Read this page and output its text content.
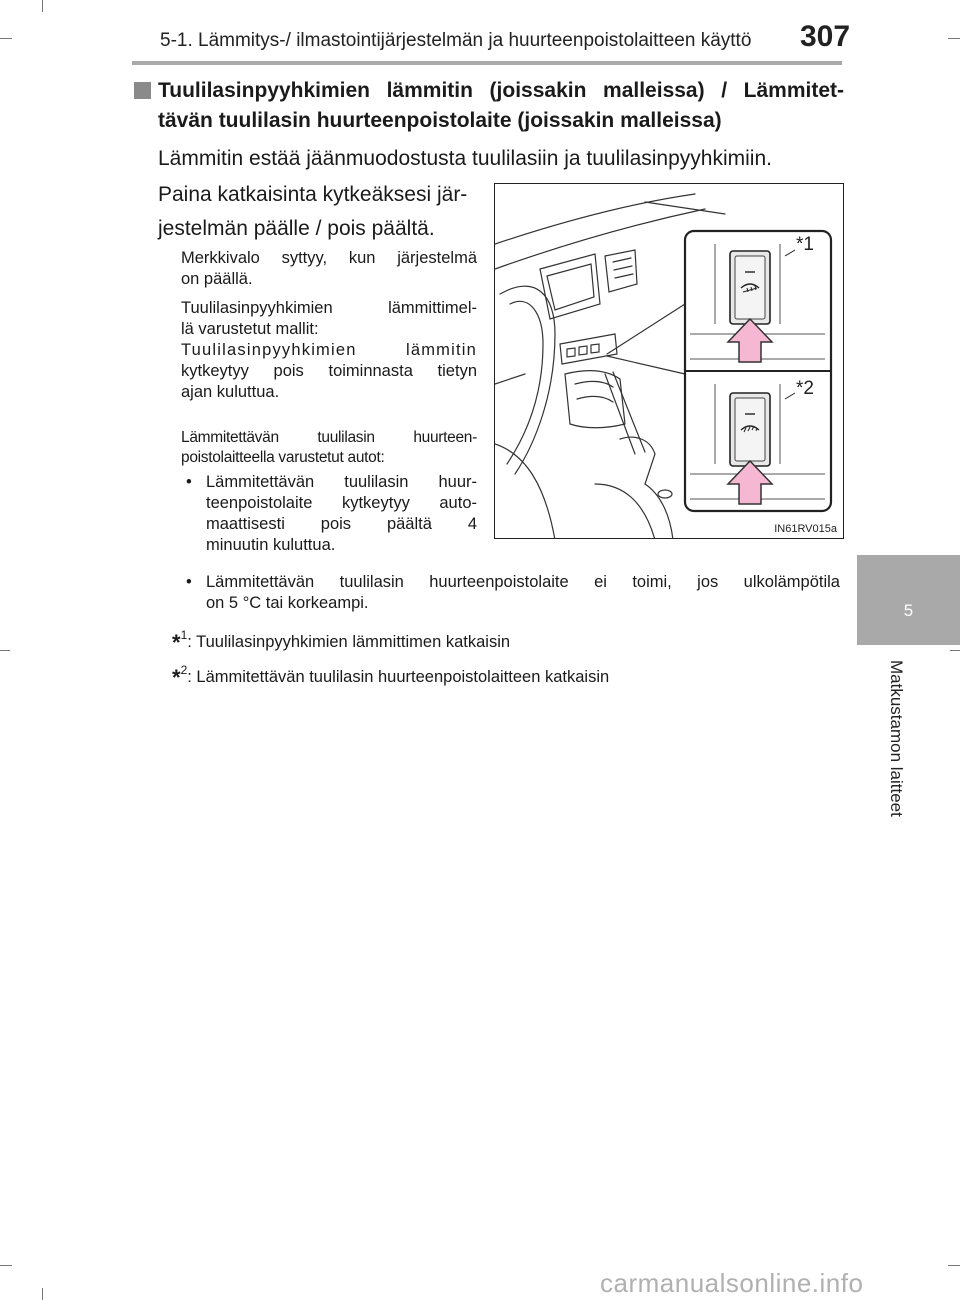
5-1. Lämmitys-/ ilmastointijärjestelmän ja huurteenpoistolaitteen käyttö 307
5
Matkustamon laitteet
Tuulilasinpyyhkimien lämmitin (joissakin malleissa) / Lämmitet-
tävän tuulilasin huurteenpoistolaite (joissakin malleissa)
Lämmitin estää jäänmuodostusta tuulilasiin ja tuulilasinpyyhkimiin.
Paina katkaisinta kytkeäksesi jär-
jestelmän päälle / pois päältä.
Merkkivalo syttyy, kun järjestelmä
on päällä.
Tuulilasinpyyhkimien lämmittimel-
lä varustetut mallit:
Tuulilasinpyyhkimien lämmitin
kytkeytyy pois toiminnasta tietyn
ajan kuluttua.
Lämmitettävän tuulilasin huurteen-
poistolaitteella varustetut autot:
• Lämmitettävän tuulilasin huur-
teenpoistolaite kytkeytyy auto-
maattisesti pois päältä 4
minuutin kuluttua.
• Lämmitettävän tuulilasin huurteenpoistolaite ei toimi, jos ulkolämpötila
on 5 °C tai korkeampi.
*$^1$: Tuulilasinpyyhkimien lämmittimen katkaisin
*$^2$: Lämmitettävän tuulilasin huurteenpoistolaitteen katkaisin
*1
*2
IN61RV015a
carmanualsonline.info
